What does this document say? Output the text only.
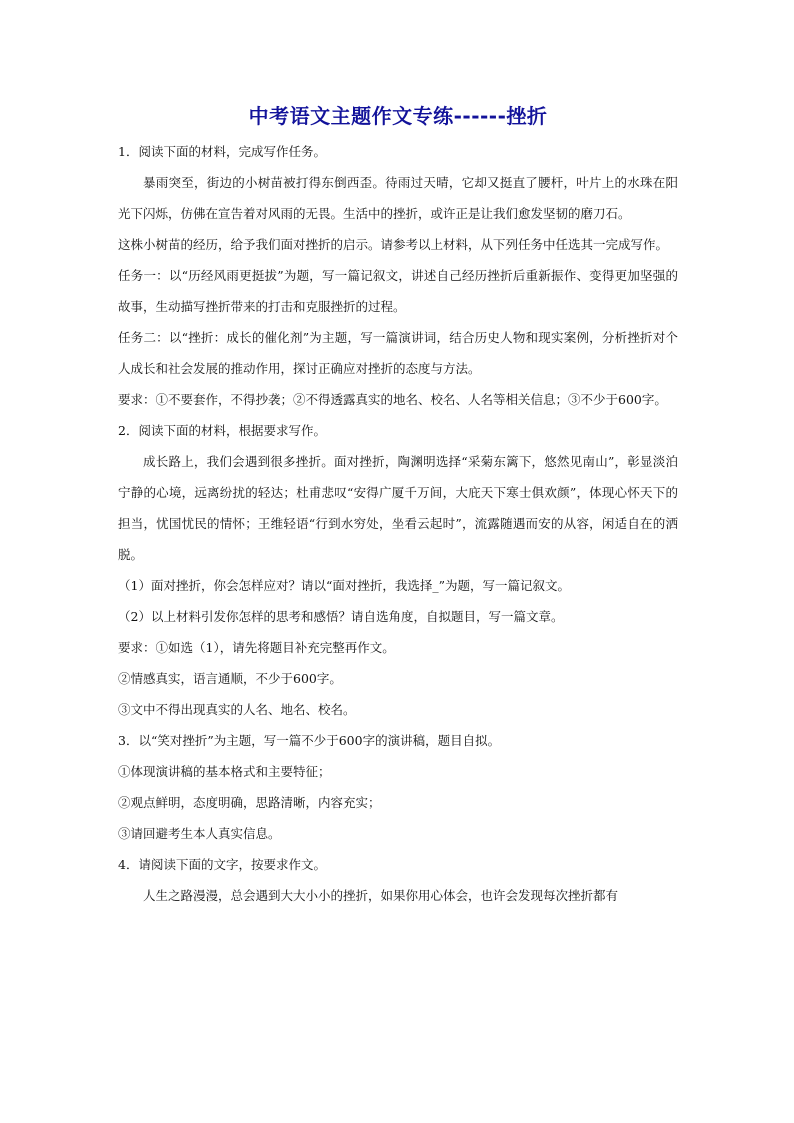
中考语文主题作文专练------挫折

1．阅读下面的材料，完成写作任务。

暴雨突至，街边的小树苗被打得东倒西歪。待雨过天晴，它却又挺直了腰杆，叶片上的水珠在阳光下闪烁，仿佛在宣告着对风雨的无畏。生活中的挫折，或许正是让我们愈发坚韧的磨刀石。

这株小树苗的经历，给予我们面对挫折的启示。请参考以上材料，从下列任务中任选其一完成写作。

任务一：以“历经风雨更挺拔”为题，写一篇记叙文，讲述自己经历挫折后重新振作、变得更加坚强的故事，生动描写挫折带来的打击和克服挫折的过程。

任务二：以“挫折：成长的催化剂”为主题，写一篇演讲词，结合历史人物和现实案例，分析挫折对个人成长和社会发展的推动作用，探讨正确应对挫折的态度与方法。

要求：①不要套作，不得抄袭；②不得透露真实的地名、校名、人名等相关信息；③不少于600字。

2．阅读下面的材料，根据要求写作。

成长路上，我们会遇到很多挫折。面对挫折，陶渊明选择“采菊东篱下，悠然见南山”，彰显淡泊宁静的心境，远离纷扰的轻达；杜甫悲叹“安得广厦千万间，大庇天下寒士俱欢颜”，体现心怀天下的担当，忧国忧民的情怀；王维轻语“行到水穷处，坐看云起时”，流露随遇而安的从容，闲适自在的洒脱。

（1）面对挫折，你会怎样应对？请以“面对挫折，我选择_”为题，写一篇记叙文。

（2）以上材料引发你怎样的思考和感悟？请自选角度，自拟题目，写一篇文章。

要求：①如选（1），请先将题目补充完整再作文。

②情感真实，语言通顺，不少于600字。

③文中不得出现真实的人名、地名、校名。

3．以“笑对挫折”为主题，写一篇不少于600字的演讲稿，题目自拟。

①体现演讲稿的基本格式和主要特征；

②观点鲜明，态度明确，思路清晰，内容充实；

③请回避考生本人真实信息。

4．请阅读下面的文字，按要求作文。

人生之路漫漫，总会遇到大大小小的挫折，如果你用心体会，也许会发现每次挫折都有
